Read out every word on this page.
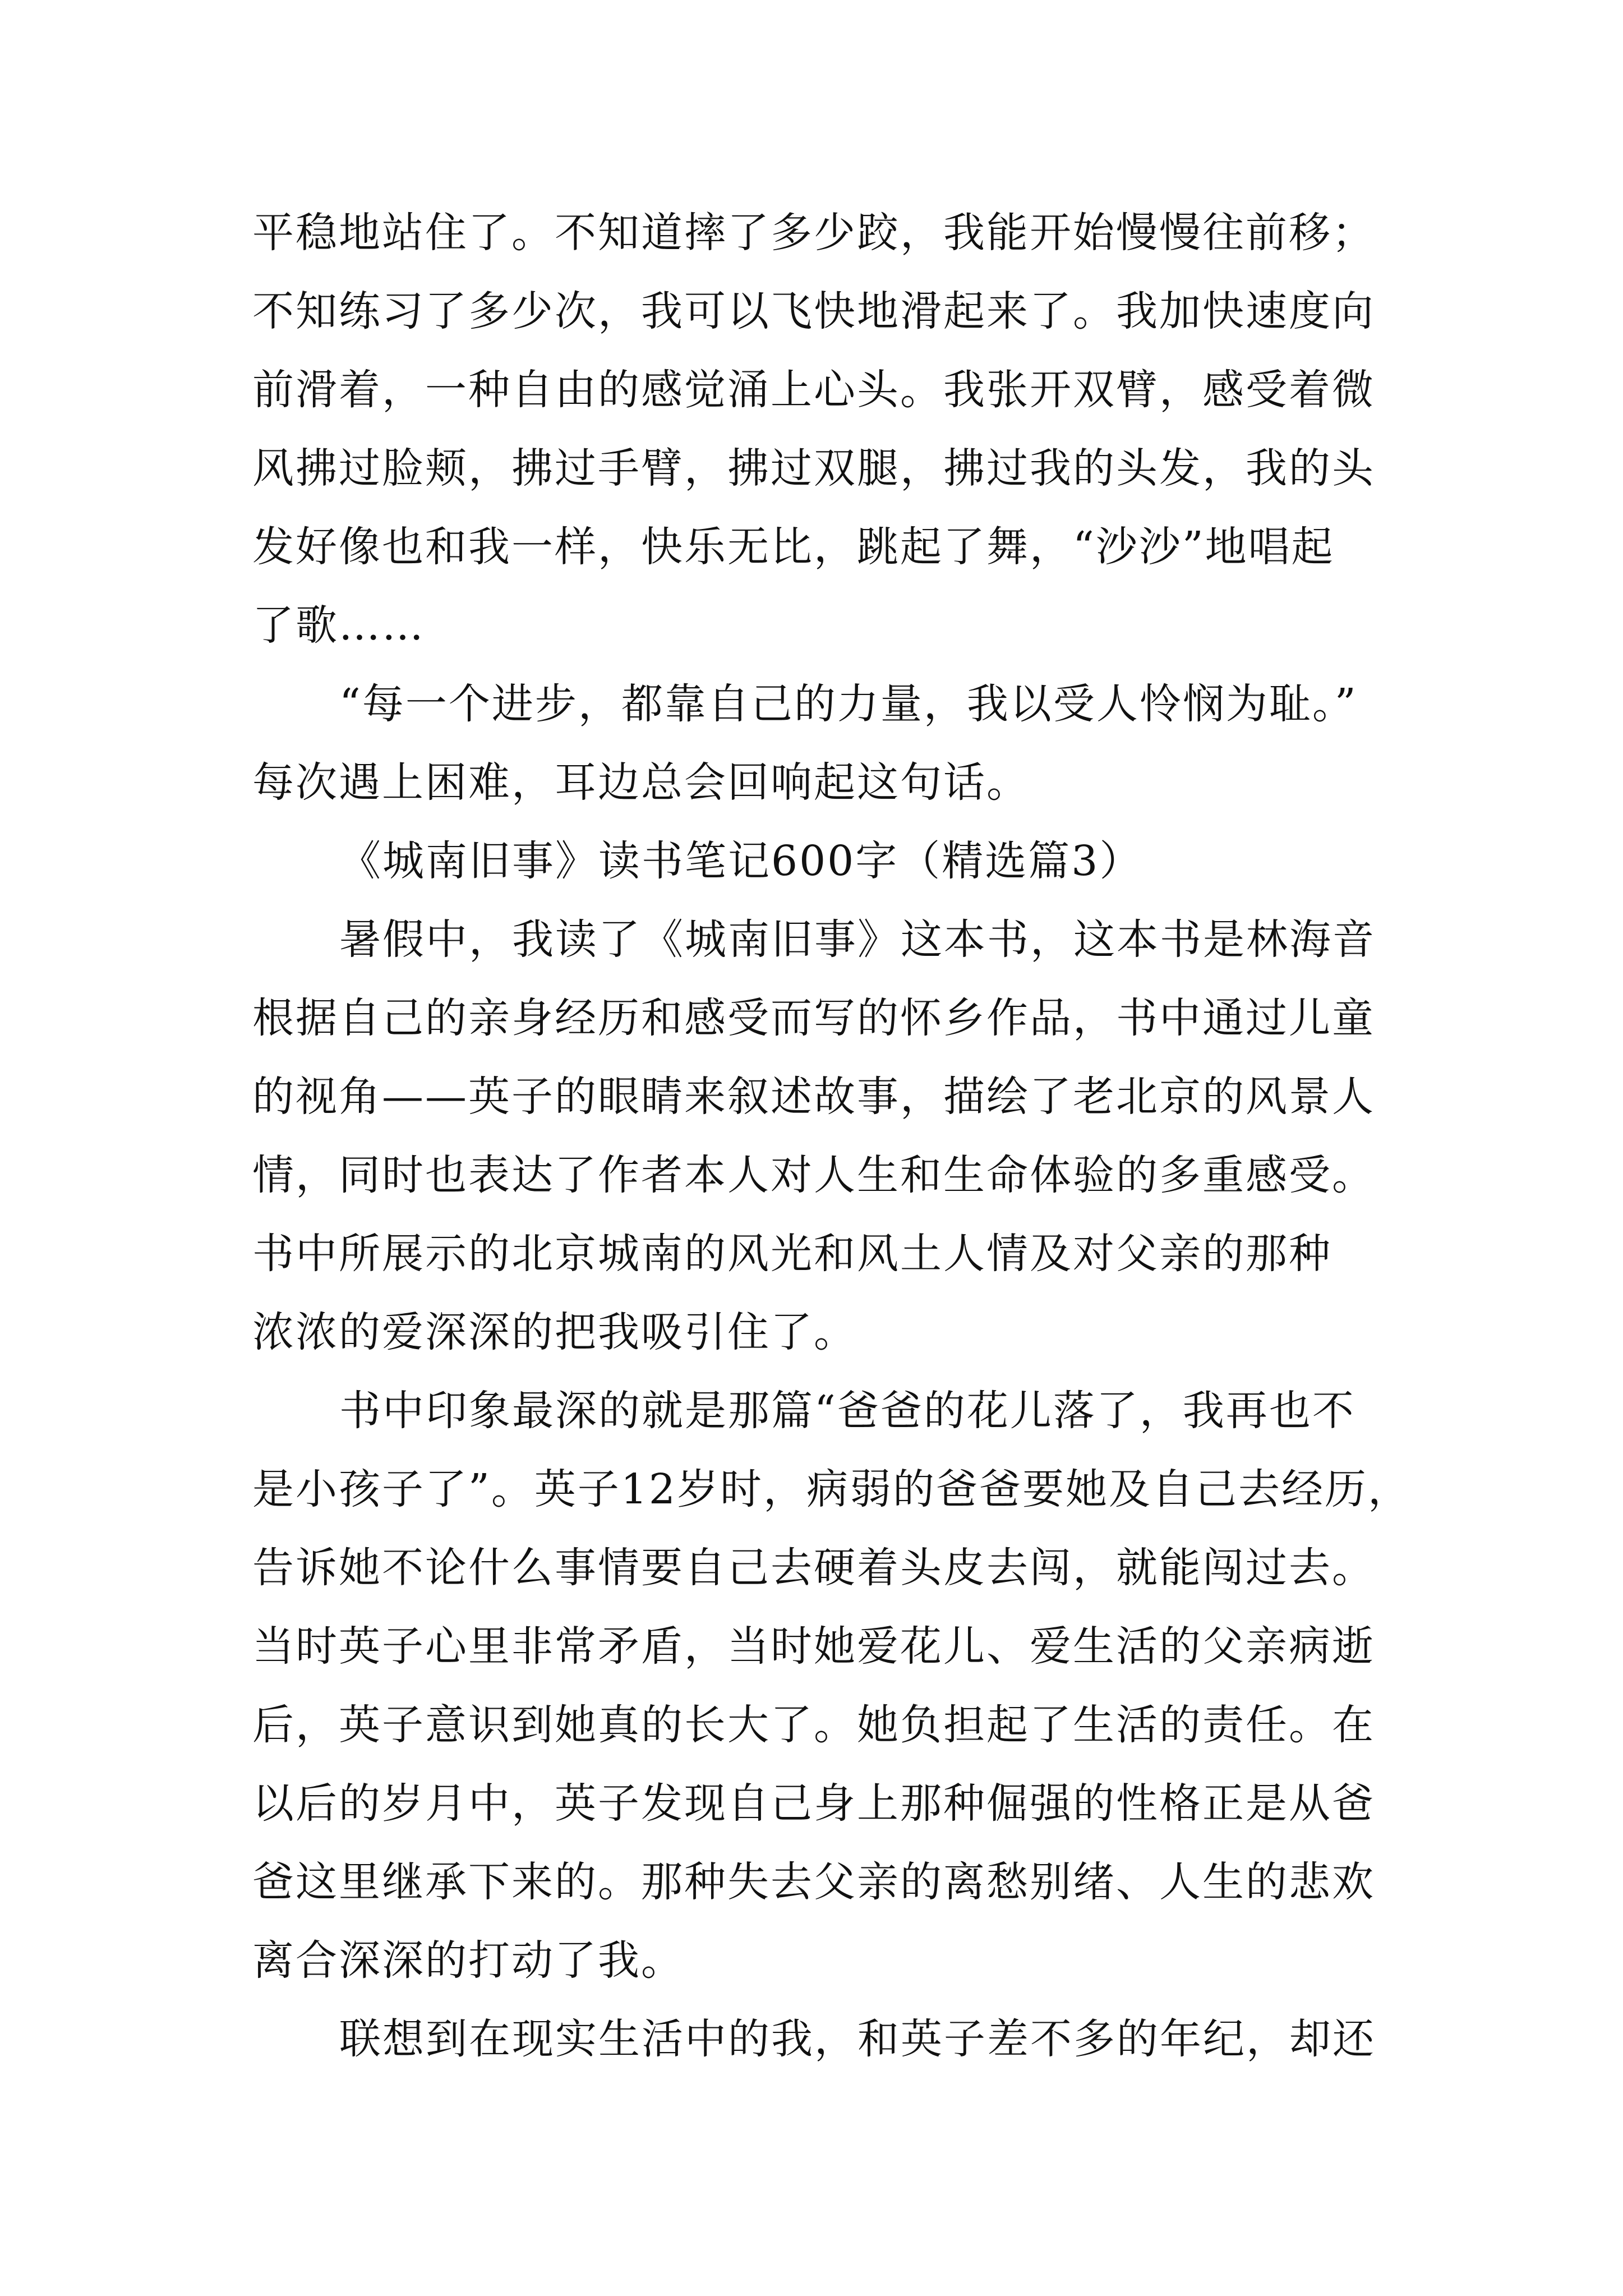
平稳地站住了。不知道摔了多少跤，我能开始慢慢往前移；
不知练习了多少次，我可以飞快地滑起来了。我加快速度向
前滑着，一种自由的感觉涌上心头。我张开双臂，感受着微
风拂过脸颊，拂过手臂，拂过双腿，拂过我的头发，我的头
发好像也和我一样，快乐无比，跳起了舞，“沙沙”地唱起
了歌……
“每一个进步，都靠自己的力量，我以受人怜悯为耻。”
每次遇上困难，耳边总会回响起这句话。
《城南旧事》读书笔记600字（精选篇3）
暑假中，我读了《城南旧事》这本书，这本书是林海音
根据自己的亲身经历和感受而写的怀乡作品，书中通过儿童
的视角——英子的眼睛来叙述故事，描绘了老北京的风景人
情，同时也表达了作者本人对人生和生命体验的多重感受。
书中所展示的北京城南的风光和风土人情及对父亲的那种
浓浓的爱深深的把我吸引住了。
书中印象最深的就是那篇“爸爸的花儿落了，我再也不
是小孩子了”。英子12岁时，病弱的爸爸要她及自己去经历，
告诉她不论什么事情要自己去硬着头皮去闯，就能闯过去。
当时英子心里非常矛盾，当时她爱花儿、爱生活的父亲病逝
后，英子意识到她真的长大了。她负担起了生活的责任。在
以后的岁月中，英子发现自己身上那种倔强的性格正是从爸
爸这里继承下来的。那种失去父亲的离愁别绪、人生的悲欢
离合深深的打动了我。
联想到在现实生活中的我，和英子差不多的年纪，却还
